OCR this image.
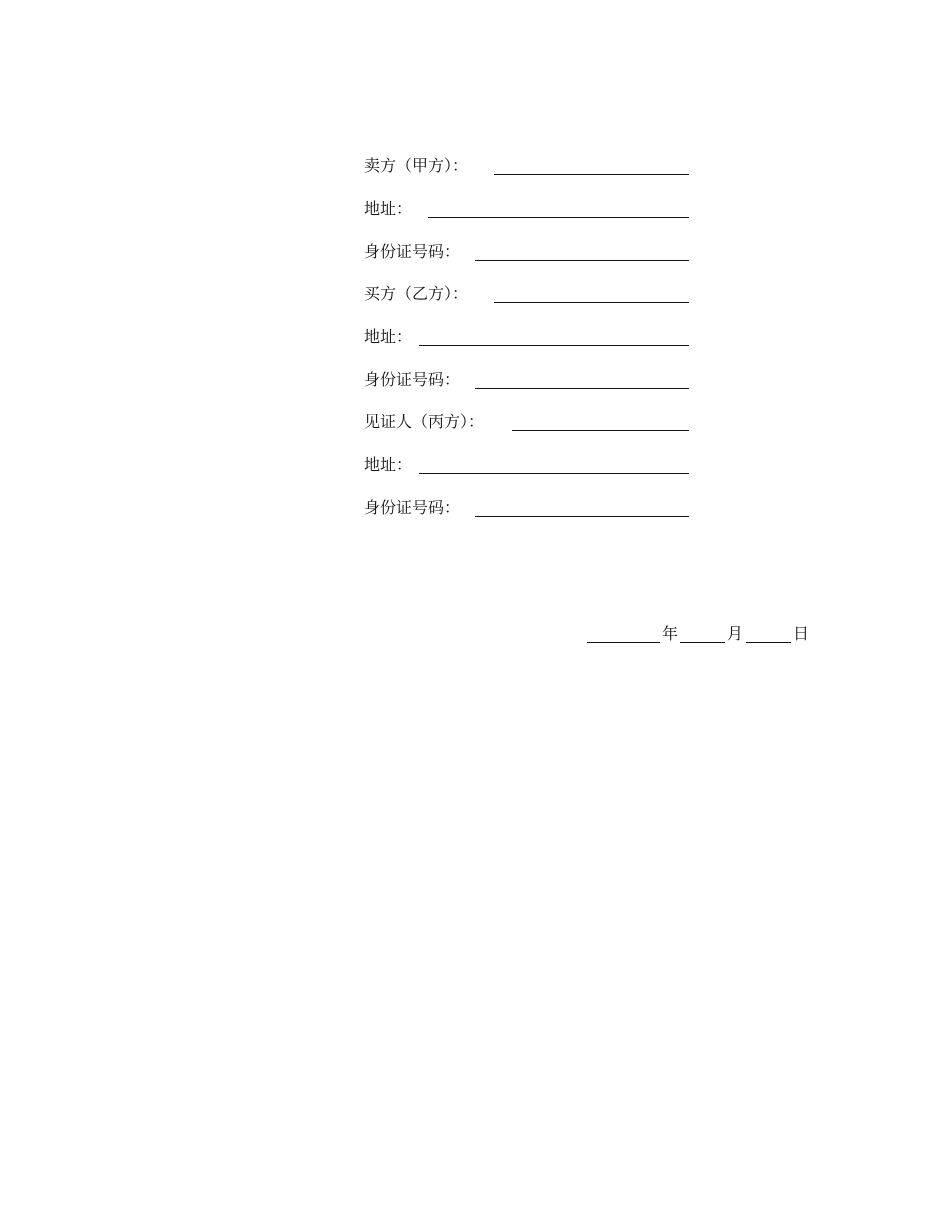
卖方（甲方）：
地址：
身份证号码：
买方（乙方）：
地址：
身份证号码：
见证人（丙方）：
地址：
身份证号码：
年	月	日
